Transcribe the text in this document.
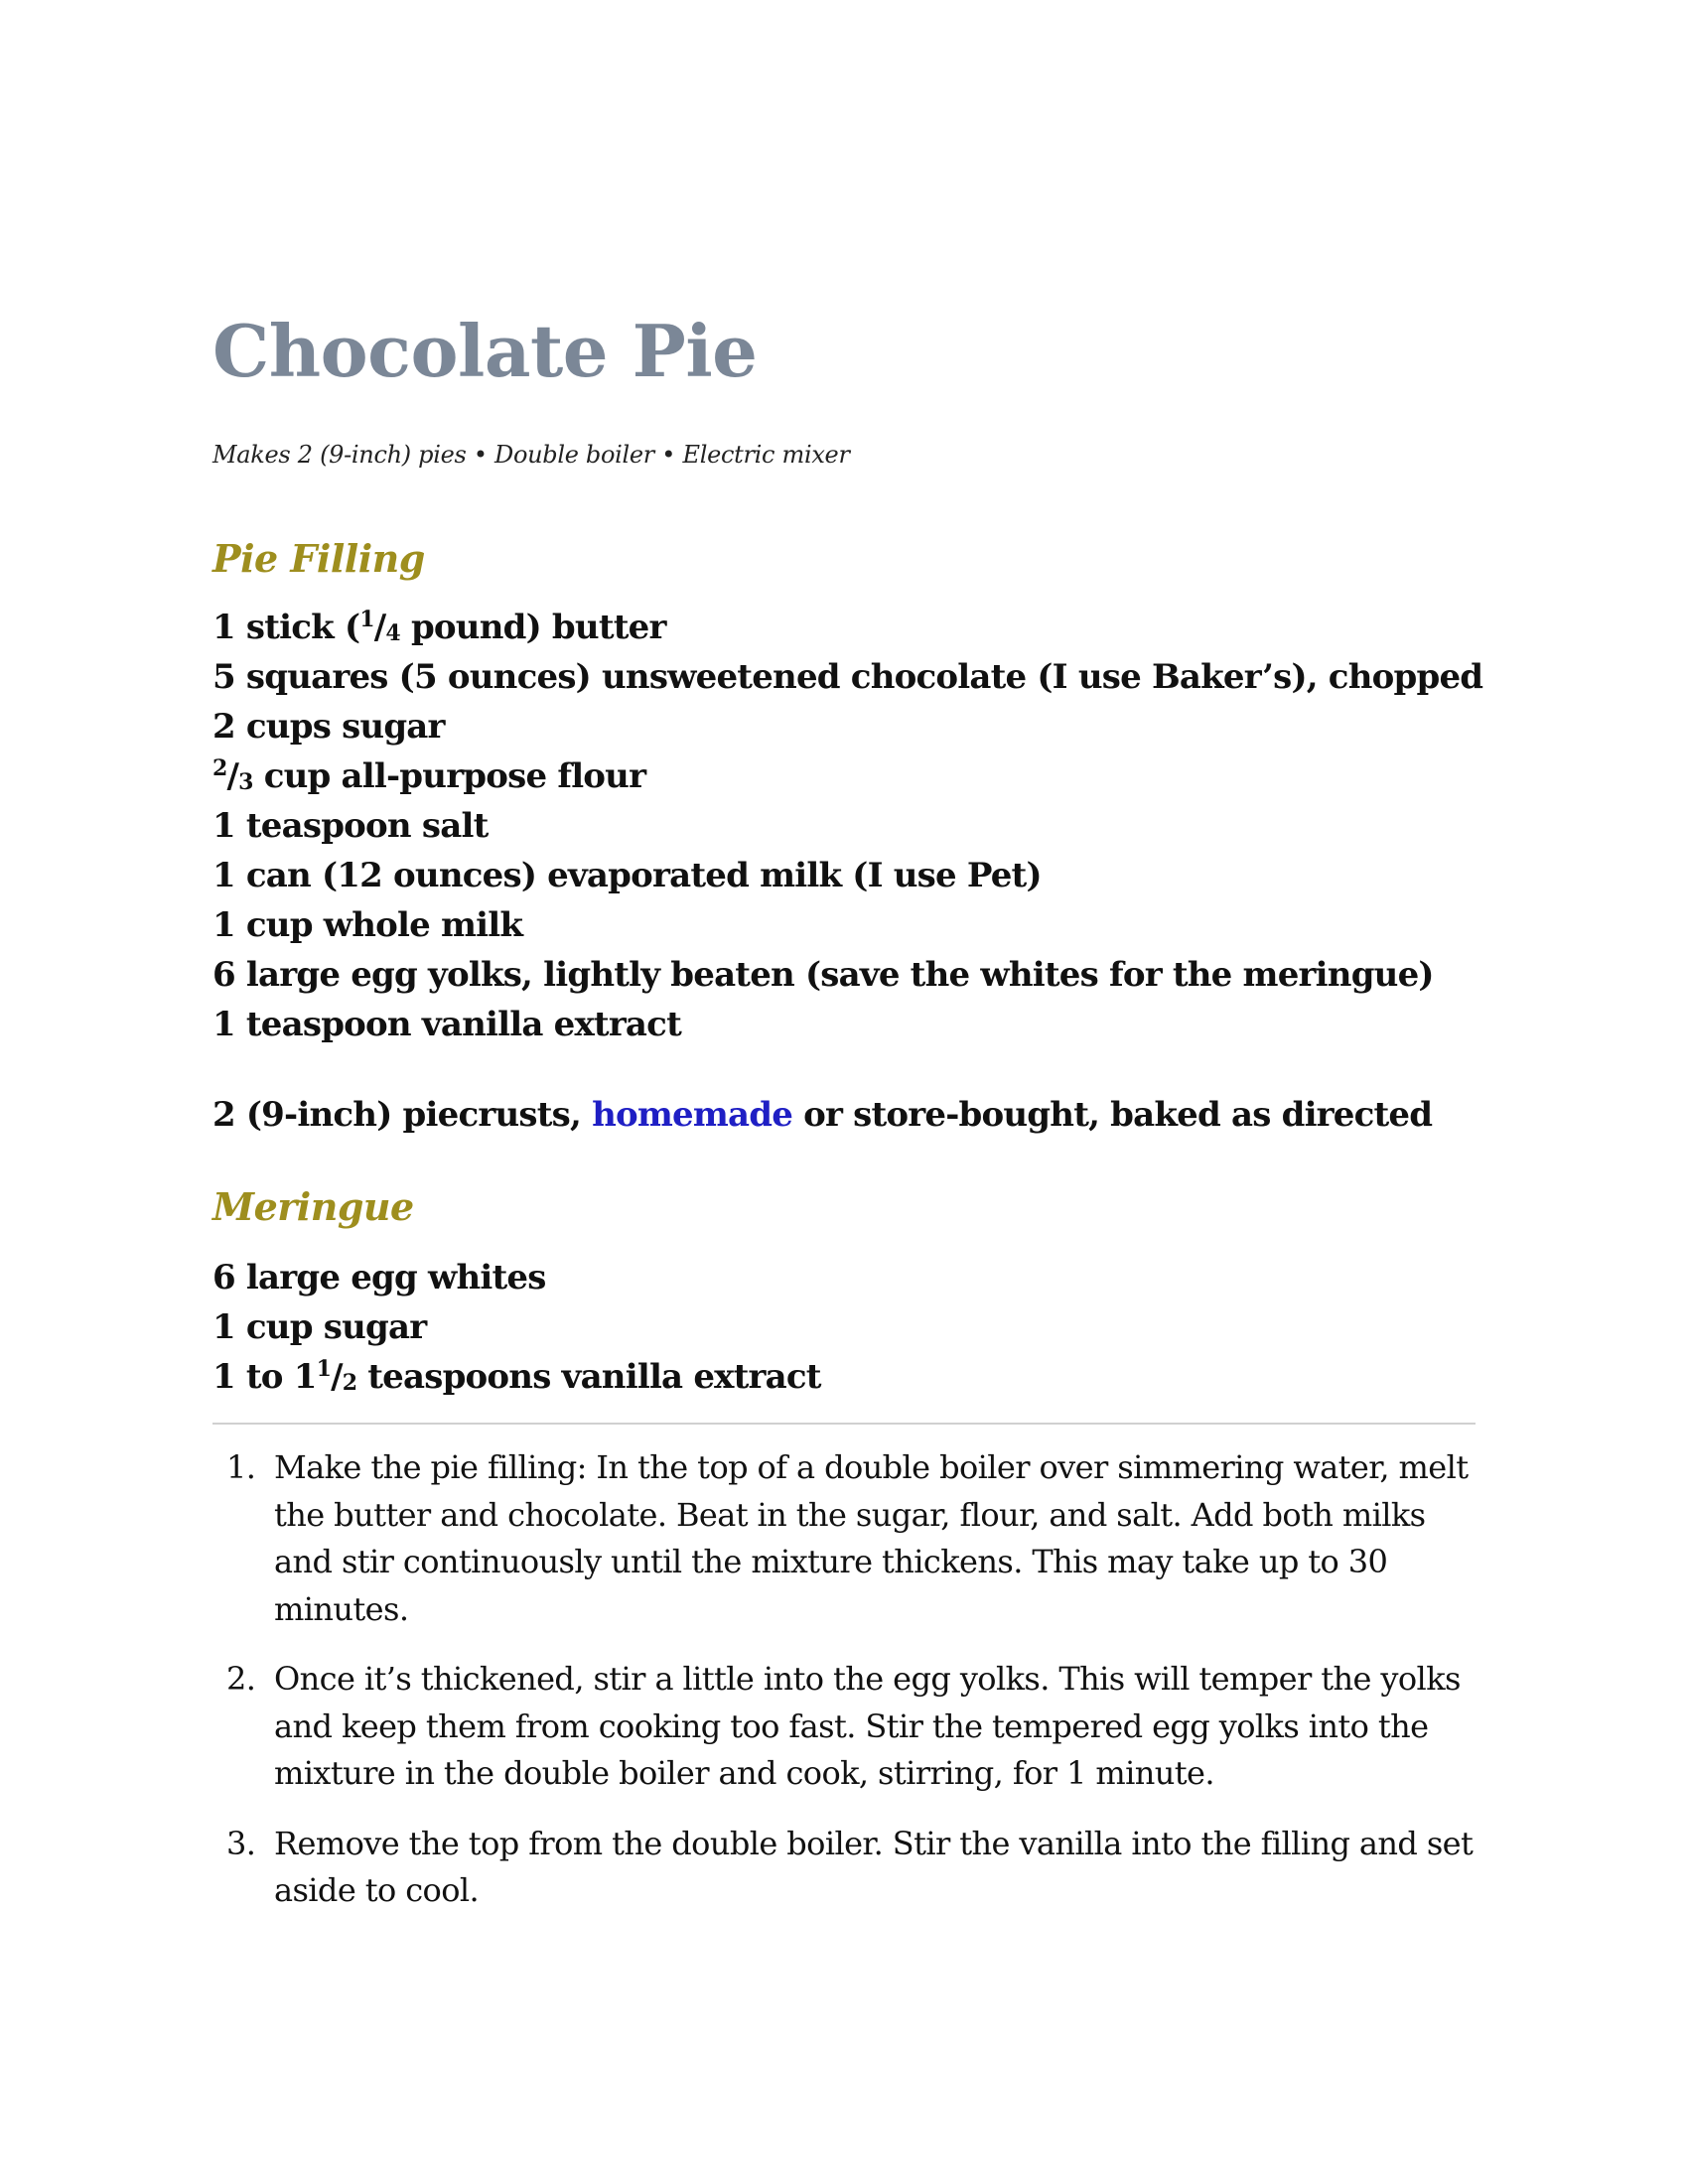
Chocolate Pie

Makes 2 (9-inch) pies • Double boiler • Electric mixer

Pie Filling
1 stick ($^1/_4$ pound) butter
5 squares (5 ounces) unsweetened chocolate (I use Baker’s), chopped
2 cups sugar
$^2/_3$ cup all-purpose flour
1 teaspoon salt
1 can (12 ounces) evaporated milk (I use Pet)
1 cup whole milk
6 large egg yolks, lightly beaten (save the whites for the meringue)
1 teaspoon vanilla extract
2 (9-inch) piecrusts, homemade or store-bought, baked as directed
Meringue
6 large egg whites
1 cup sugar
1 to $1^1/_2$ teaspoons vanilla extract
1. Make the pie filling: In the top of a double boiler over simmering water, melt the butter and chocolate. Beat in the sugar, flour, and salt. Add both milks and stir continuously until the mixture thickens. This may take up to 30 minutes.
2. Once it’s thickened, stir a little into the egg yolks. This will temper the yolks and keep them from cooking too fast. Stir the tempered egg yolks into the mixture in the double boiler and cook, stirring, for 1 minute.
3. Remove the top from the double boiler. Stir the vanilla into the filling and set aside to cool.
